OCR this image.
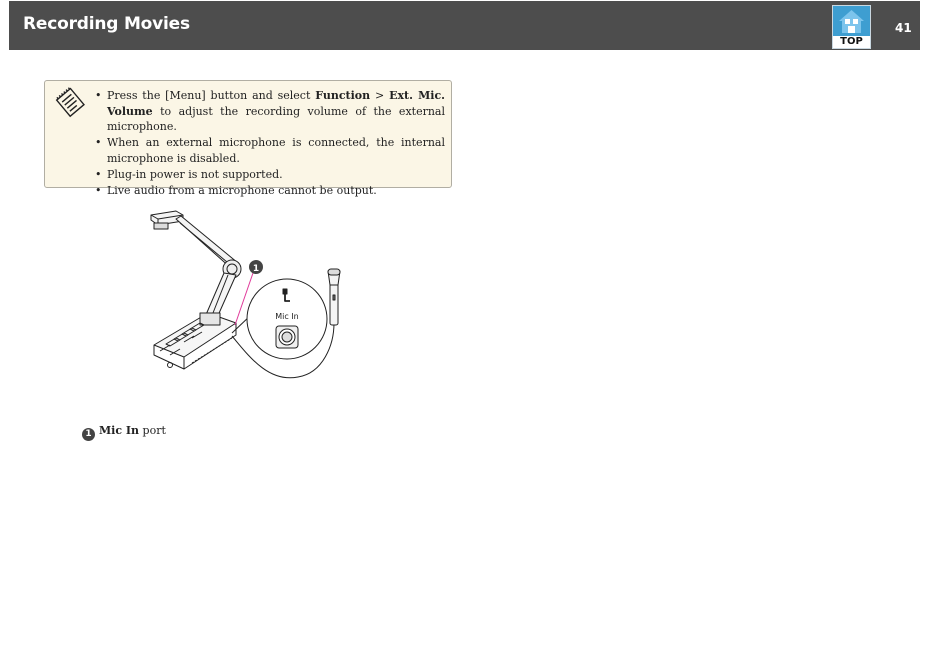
Recording Movies
TOP
41
• Press the [Menu] button and select Function > Ext. Mic. Volume to adjust the recording volume of the external microphone.
• When an external microphone is connected, the internal microphone is disabled.
• Plug-in power is not supported.
• Live audio from a microphone cannot be output.
1
Mic In
1 Mic In port
